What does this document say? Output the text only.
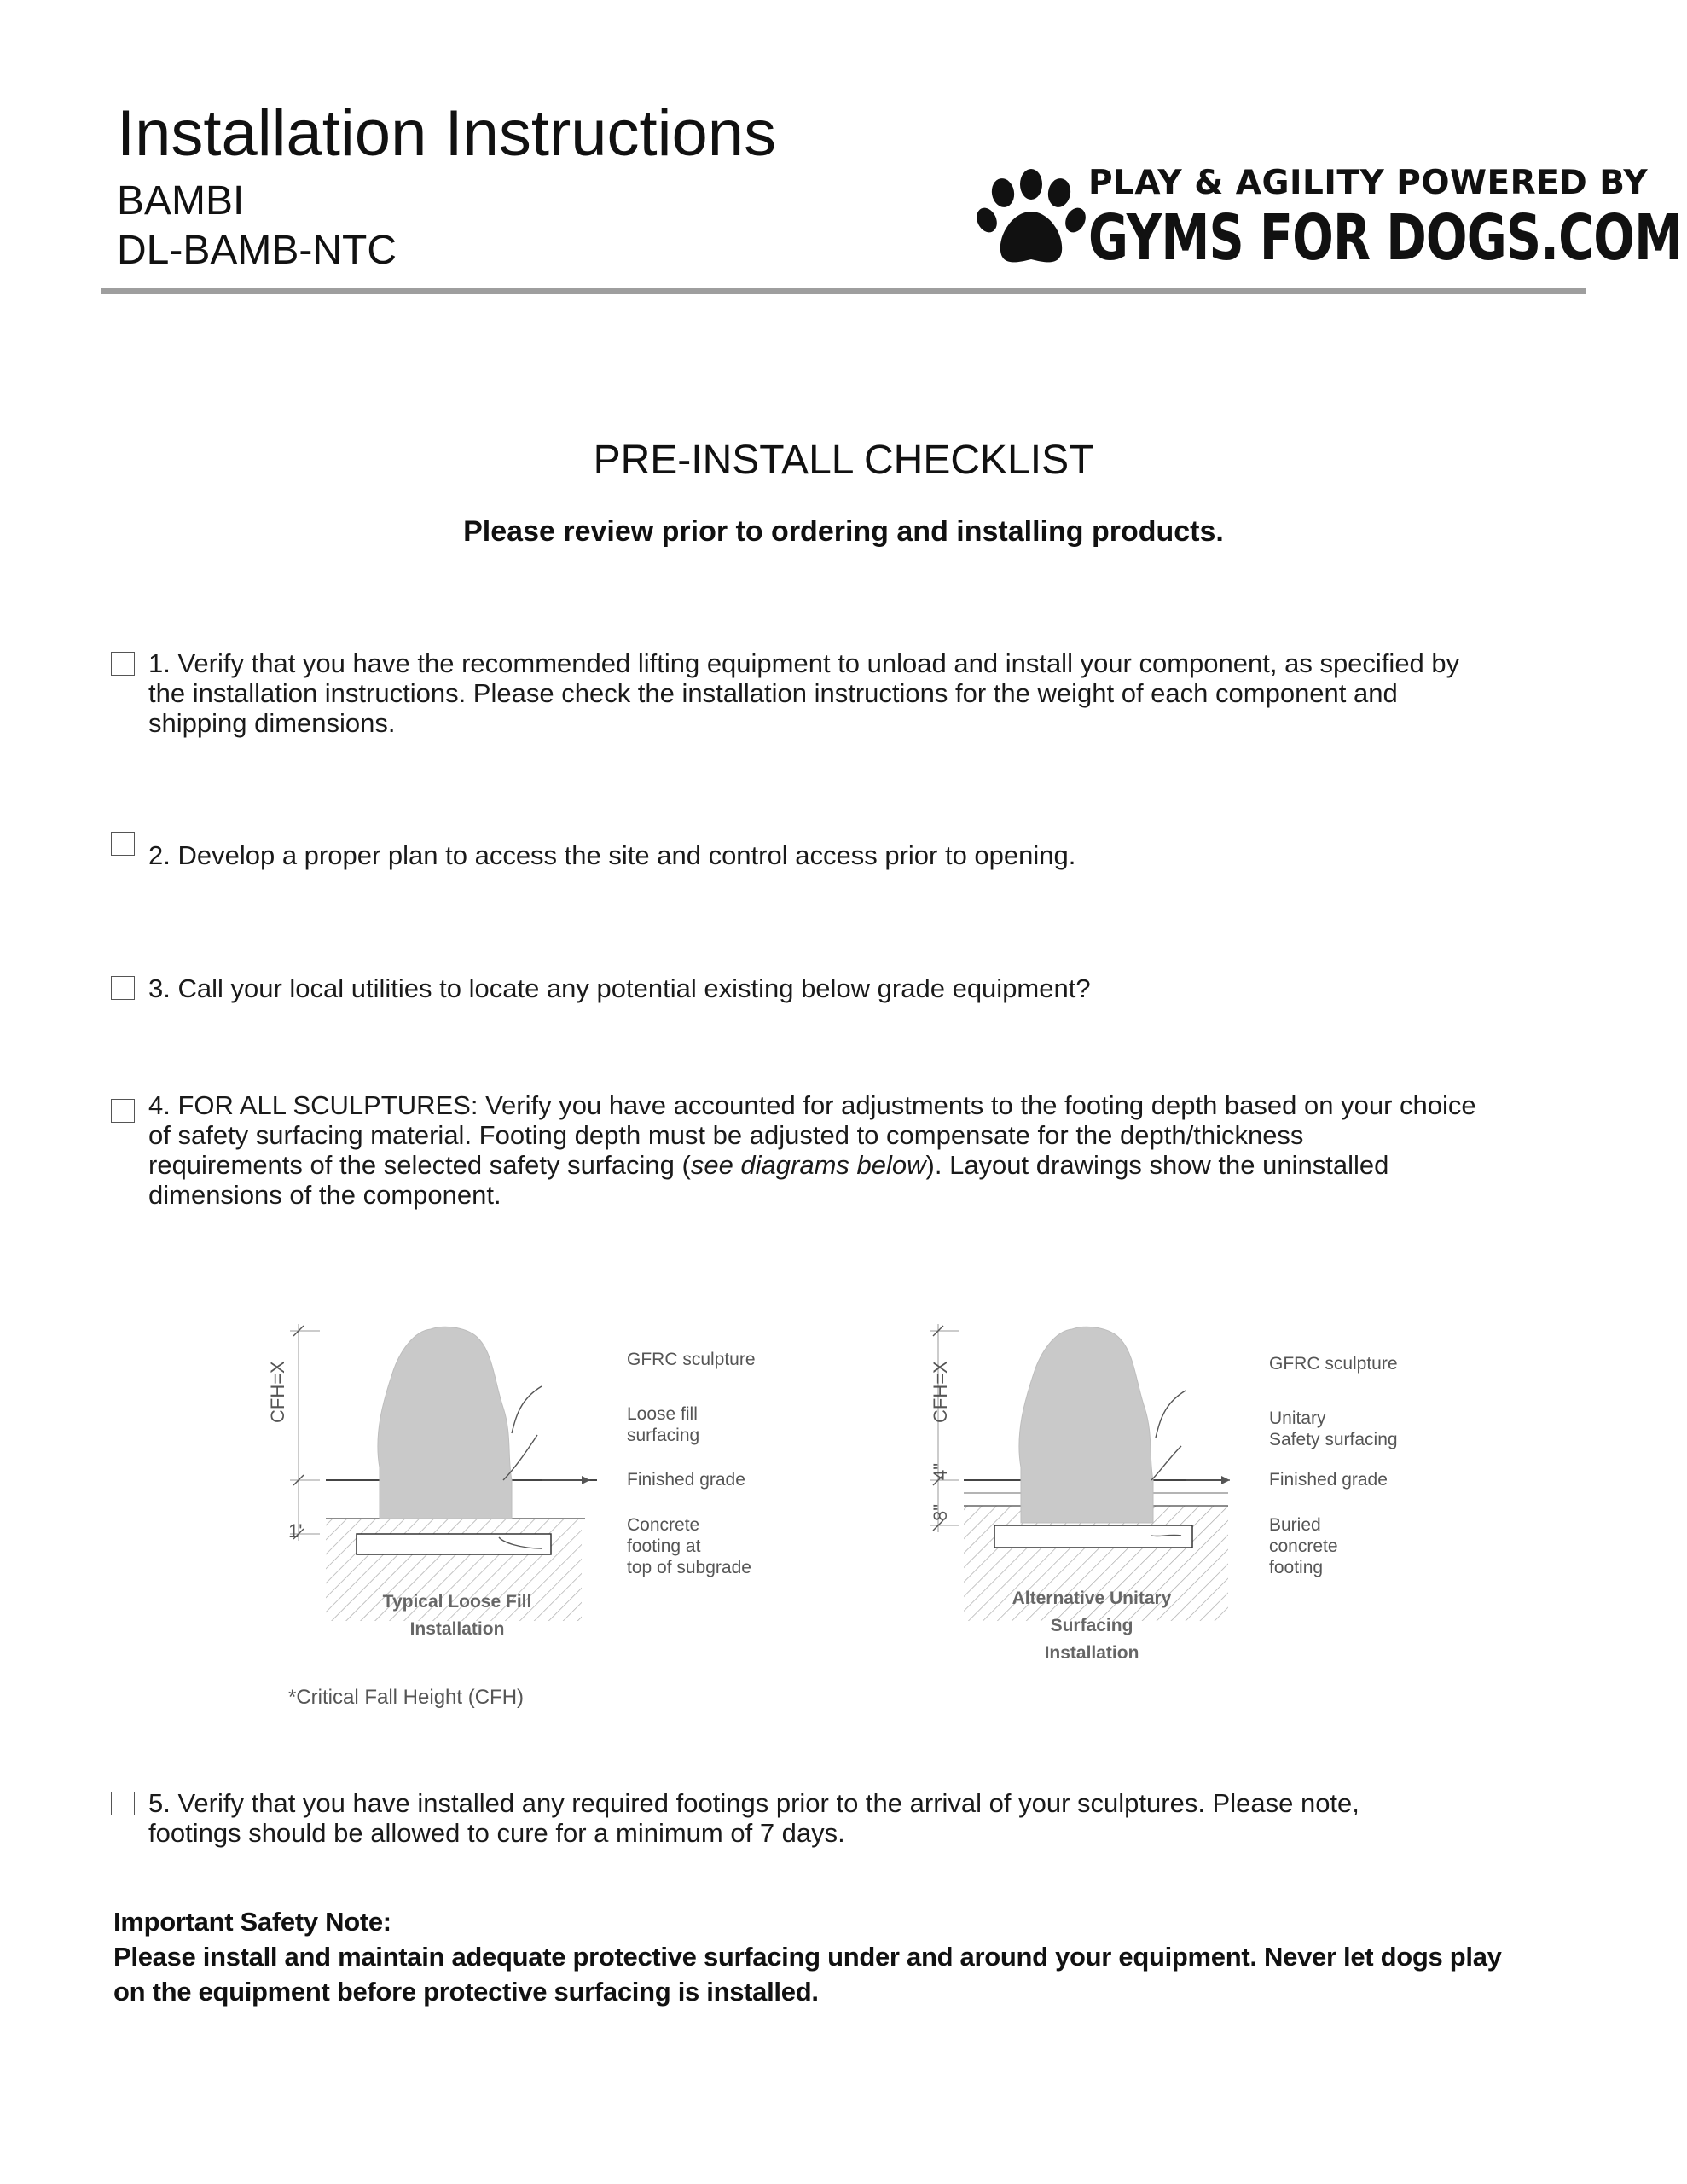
Installation Instructions
BAMBI
DL-BAMB-NTC
PLAY & AGILITY POWERED BY
GYMS FOR DOGS.COM
PRE-INSTALL CHECKLIST
Please review prior to ordering and installing products.
1. Verify that you have the recommended lifting equipment to unload and install your component, as specified by
the installation instructions. Please check the installation instructions for the weight of each component and
shipping dimensions.
2. Develop a proper plan to access the site and control access prior to opening.
3. Call your local utilities to locate any potential existing below grade equipment?
4. FOR ALL SCULPTURES: Verify you have accounted for adjustments to the footing depth based on your choice
of safety surfacing material. Footing depth must be adjusted to compensate for the depth/thickness
requirements of the selected safety surfacing (see diagrams below). Layout drawings show the uninstalled
dimensions of the component.
CFH=X
1'
GFRC sculpture
Loose fill
surfacing
Finished grade
Concrete
footing at
top of subgrade
Typical Loose Fill
Installation
CFH=X
4"
8"
GFRC sculpture
Unitary
Safety surfacing
Finished grade
Buried
concrete
footing
Alternative Unitary
Surfacing
Installation
*Critical Fall Height (CFH)
5. Verify that you have installed any required footings prior to the arrival of your sculptures. Please note,
footings should be allowed to cure for a minimum of 7 days.
Important Safety Note:
Please install and maintain adequate protective surfacing under and around your equipment. Never let dogs play
on the equipment before protective surfacing is installed.
